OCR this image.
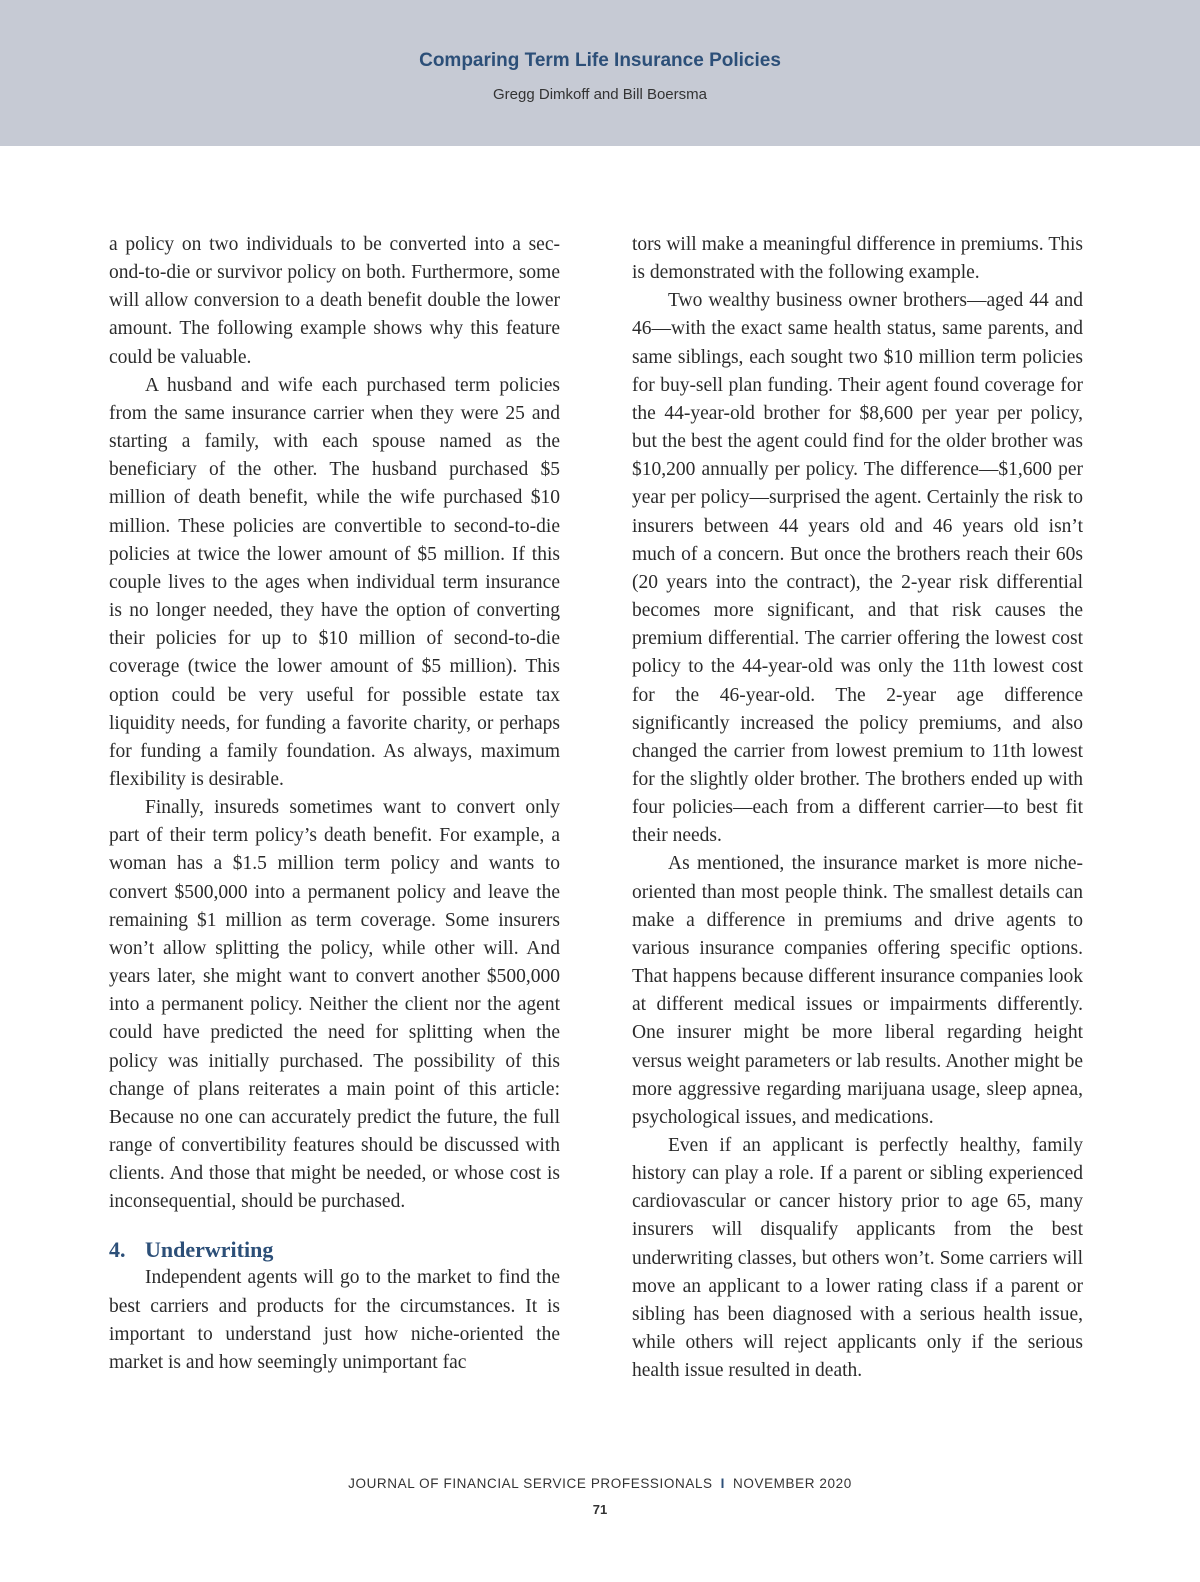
Comparing Term Life Insurance Policies
Gregg Dimkoff and Bill Boersma

a policy on two individuals to be converted into a second-to-die or survivor policy on both. Furthermore, some will allow conversion to a death benefit double the lower amount. The following example shows why this feature could be valuable.

A husband and wife each purchased term policies from the same insurance carrier when they were 25 and starting a family, with each spouse named as the beneficiary of the other. The husband purchased $5 million of death benefit, while the wife purchased $10 million. These policies are convertible to second-to-die policies at twice the lower amount of $5 million. If this couple lives to the ages when individual term insurance is no longer needed, they have the option of converting their policies for up to $10 million of second-to-die coverage (twice the lower amount of $5 million). This option could be very useful for possible estate tax liquidity needs, for funding a favorite charity, or perhaps for funding a family foundation. As always, maximum flexibility is desirable.

Finally, insureds sometimes want to convert only part of their term policy’s death benefit. For example, a woman has a $1.5 million term policy and wants to convert $500,000 into a permanent policy and leave the remaining $1 million as term coverage. Some insurers won’t allow splitting the policy, while other will. And years later, she might want to convert another $500,000 into a permanent policy. Neither the client nor the agent could have predicted the need for splitting when the policy was initially purchased. The possibility of this change of plans reiterates a main point of this article: Because no one can accurately predict the future, the full range of convertibility features should be discussed with clients. And those that might be needed, or whose cost is inconsequential, should be purchased.

4. Underwriting

Independent agents will go to the market to find the best carriers and products for the circumstances. It is important to understand just how niche-oriented the market is and how seemingly unimportant fac

tors will make a meaningful difference in premiums. This is demonstrated with the following example.

Two wealthy business owner brothers—aged 44 and 46—with the exact same health status, same parents, and same siblings, each sought two $10 million term policies for buy-sell plan funding. Their agent found coverage for the 44-year-old brother for $8,600 per year per policy, but the best the agent could find for the older brother was $10,200 annually per policy. The difference—$1,600 per year per policy—surprised the agent. Certainly the risk to insurers between 44 years old and 46 years old isn’t much of a concern. But once the brothers reach their 60s (20 years into the contract), the 2-year risk differential becomes more significant, and that risk causes the premium differential. The carrier offering the lowest cost policy to the 44-year-old was only the 11th lowest cost for the 46-year-old. The 2-year age difference significantly increased the policy premiums, and also changed the carrier from lowest premium to 11th lowest for the slightly older brother. The brothers ended up with four policies—each from a different carrier—to best fit their needs.

As mentioned, the insurance market is more niche-oriented than most people think. The smallest details can make a difference in premiums and drive agents to various insurance companies offering specific options. That happens because different insurance companies look at different medical issues or impairments differently. One insurer might be more liberal regarding height versus weight parameters or lab results. Another might be more aggressive regarding marijuana usage, sleep apnea, psychological issues, and medications.

Even if an applicant is perfectly healthy, family history can play a role. If a parent or sibling experienced cardiovascular or cancer history prior to age 65, many insurers will disqualify applicants from the best underwriting classes, but others won’t. Some carriers will move an applicant to a lower rating class if a parent or sibling has been diagnosed with a serious health issue, while others will reject applicants only if the serious health issue resulted in death.

JOURNAL OF FINANCIAL SERVICE PROFESSIONALS I NOVEMBER 2020
71
